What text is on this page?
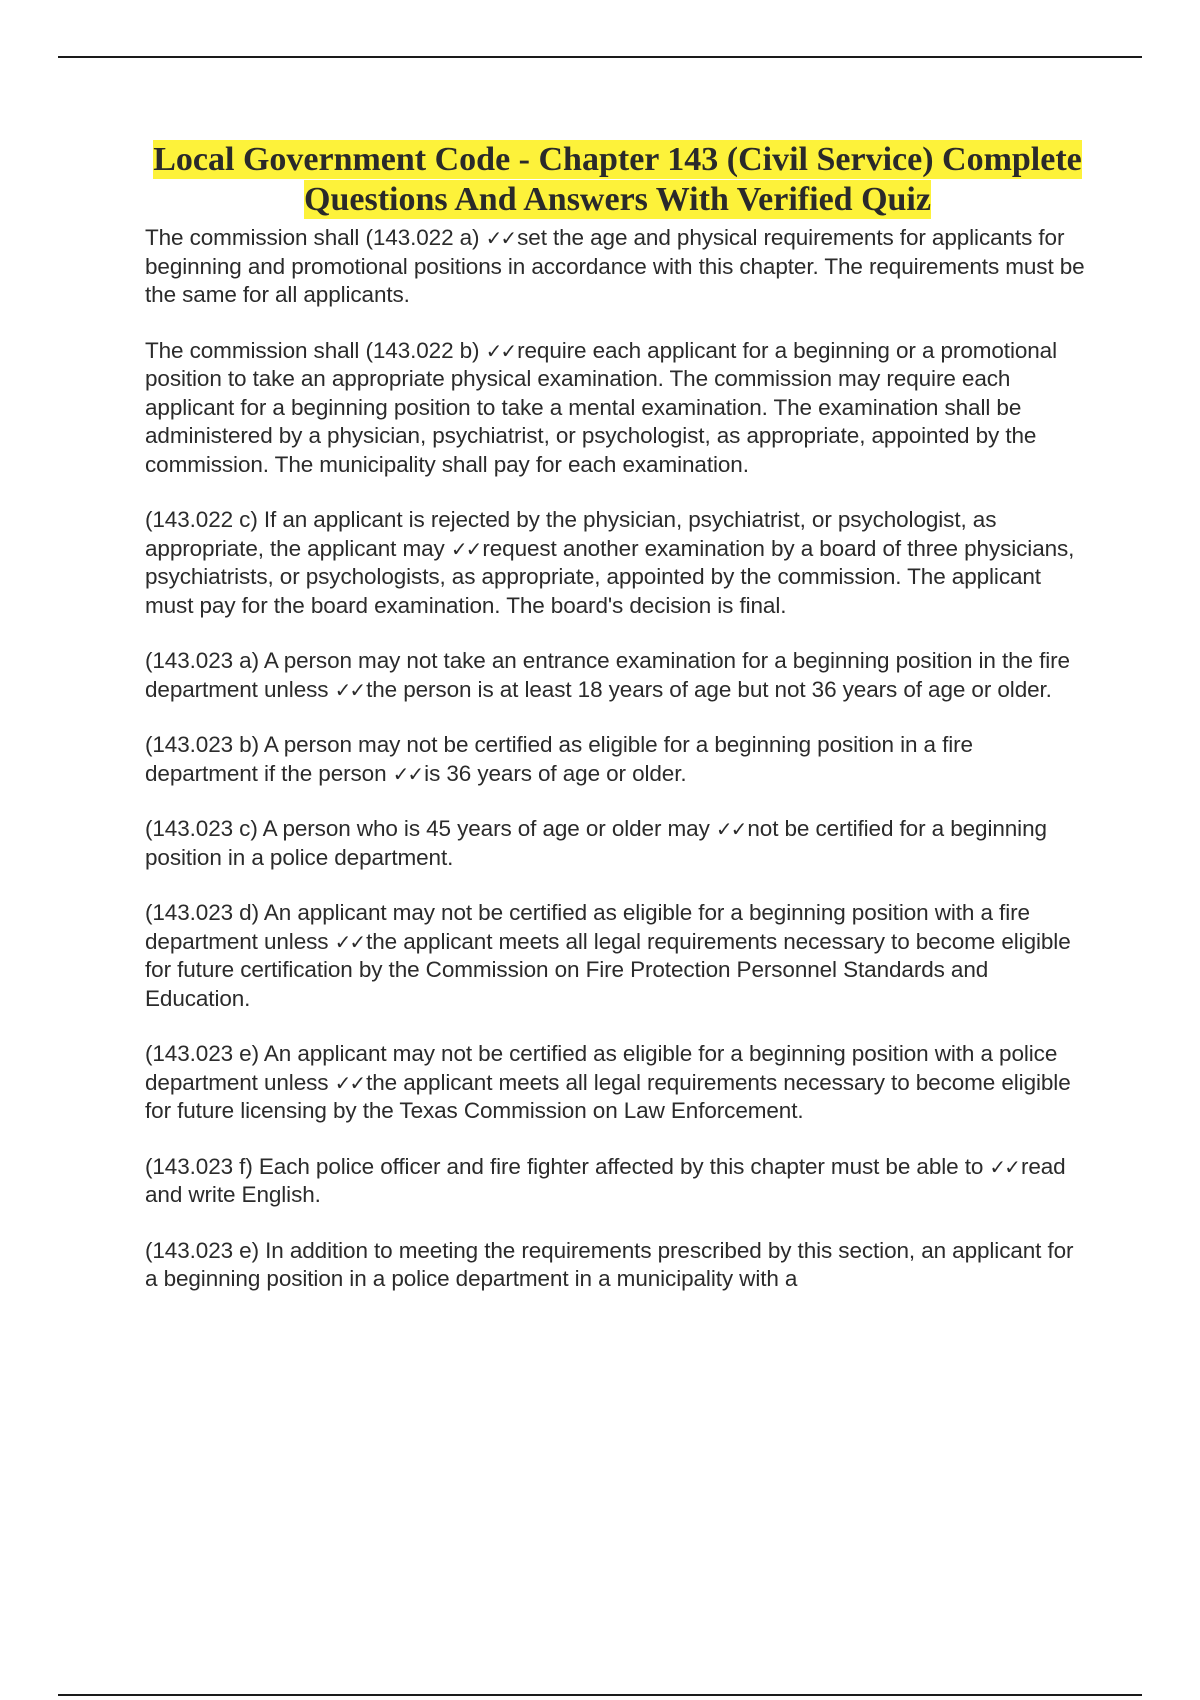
Local Government Code - Chapter 143 (Civil Service) Complete Questions And Answers With Verified Quiz
The commission shall (143.022 a) ✓✓set the age and physical requirements for applicants for beginning and promotional positions in accordance with this chapter. The requirements must be the same for all applicants.
The commission shall (143.022 b) ✓✓require each applicant for a beginning or a promotional position to take an appropriate physical examination. The commission may require each applicant for a beginning position to take a mental examination. The examination shall be administered by a physician, psychiatrist, or psychologist, as appropriate, appointed by the commission. The municipality shall pay for each examination.
(143.022 c) If an applicant is rejected by the physician, psychiatrist, or psychologist, as appropriate, the applicant may ✓✓request another examination by a board of three physicians, psychiatrists, or psychologists, as appropriate, appointed by the commission. The applicant must pay for the board examination. The board's decision is final.
(143.023 a) A person may not take an entrance examination for a beginning position in the fire department unless ✓✓the person is at least 18 years of age but not 36 years of age or older.
(143.023 b) A person may not be certified as eligible for a beginning position in a fire department if the person ✓✓is 36 years of age or older.
(143.023 c) A person who is 45 years of age or older may ✓✓not be certified for a beginning position in a police department.
(143.023 d) An applicant may not be certified as eligible for a beginning position with a fire department unless ✓✓the applicant meets all legal requirements necessary to become eligible for future certification by the Commission on Fire Protection Personnel Standards and Education.
(143.023 e) An applicant may not be certified as eligible for a beginning position with a police department unless ✓✓the applicant meets all legal requirements necessary to become eligible for future licensing by the Texas Commission on Law Enforcement.
(143.023 f) Each police officer and fire fighter affected by this chapter must be able to ✓✓read and write English.
(143.023 e) In addition to meeting the requirements prescribed by this section, an applicant for a beginning position in a police department in a municipality with a
